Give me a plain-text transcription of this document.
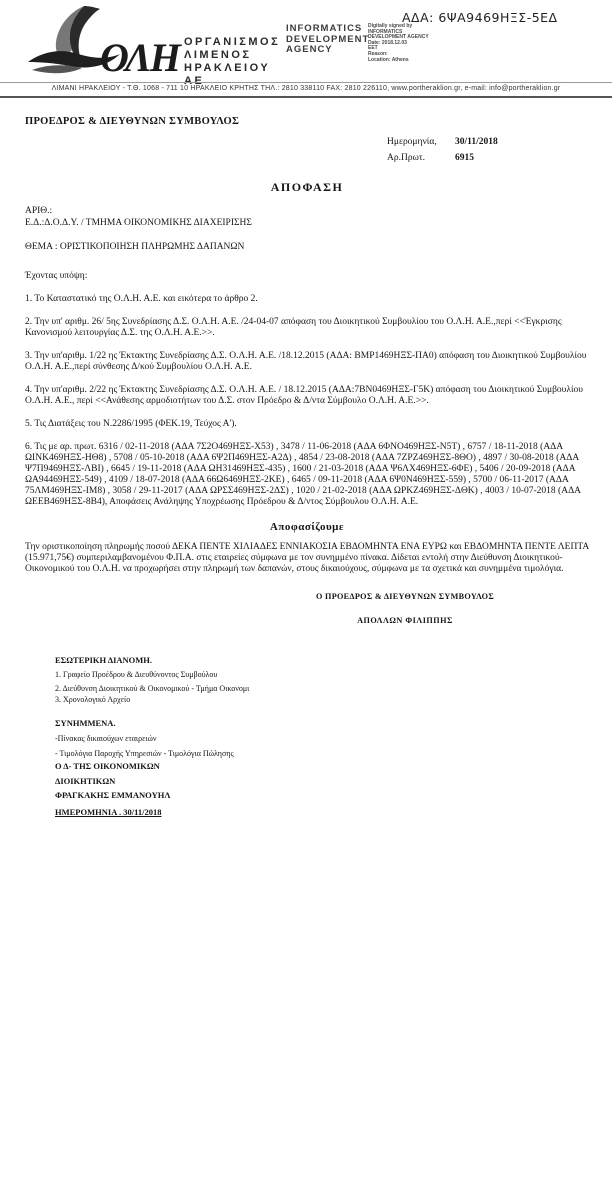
ΑΔΑ: 6ΨΑ9469ΗΞΣ-5ΕΔ
ΟΛΗ ΟΡΓΑΝΙΣΜΟΣ
ΛΙΜΕΝΟΣ
ΗΡΑΚΛΕΙΟΥ ΑΕ
INFORMATICS DEVELOPMENT AGENCY
Digitally signed by
INFORMATICS
DEVELOPMENT AGENCY
Date: 2018.12.03
EET
Reason:
Location: Athens
ΛΙΜΑΝΙ ΗΡΑΚΛΕΙΟΥ - Τ.Θ. 1068 - 711 10 ΗΡΑΚΛΕΙΟ ΚΡΗΤΗΣ ΤΗΛ.: 2810 338110 FAX: 2810 226110, www.portheraklion.gr, e-mail: info@portheraklion.gr
ΠΡΟΕΔΡΟΣ & ΔΙΕΥΘΥΝΩΝ ΣΥΜΒΟΥΛΟΣ
Ημερομηνία,	30/11/2018
Αρ.Πρωτ.	6915
ΑΠΟΦΑΣΗ
ΑΡΙΘ.:
Ε.Δ.:Δ.Ο.Δ.Υ. / ΤΜΗΜΑ ΟΙΚΟΝΟΜΙΚΗΣ ΔΙΑΧΕΙΡΙΣΗΣ
ΘΕΜΑ : ΟΡΙΣΤΙΚΟΠΟΙΗΣΗ ΠΛΗΡΩΜΗΣ ΔΑΠΑΝΩΝ
Έχοντας υπόψη:
1. Το Καταστατικό της Ο.Λ.Η. Α.Ε. και εικότερα το άρθρο 2.
2. Την υπ' αριθμ. 26/ 5ης Συνεδρίασης Δ.Σ. Ο.Λ.Η. Α.Ε. /24-04-07 απόφαση του Διοικητικού Συμβουλίου του Ο.Λ.Η. Α.Ε.,περί <<Έγκρισης Κανονισμού λειτουργίας Δ.Σ. της Ο.Λ.Η. Α.Ε.>>.
3. Την υπ'αριθμ. 1/22 ης Έκτακτης Συνεδρίασης Δ.Σ. Ο.Λ.Η. Α.Ε. /18.12.2015 (ΑΔΑ: ΒΜΡ1469ΗΞΣ-ΠΑ0) απόφαση του Διοικητικού Συμβουλίου Ο.Λ.Η. Α.Ε.,περί σύνθεσης Δ/κού Συμβουλίου Ο.Λ.Η. Α.Ε.
4. Την υπ'αριθμ. 2/22 ης Έκτακτης Συνεδρίασης Δ.Σ. Ο.Λ.Η. Α.Ε. / 18.12.2015 (ΑΔΑ:7ΒΝ0469ΗΞΣ-Γ5Κ) απόφαση του Διοικητικού Συμβουλίου Ο.Λ.Η. Α.Ε., περί <<Ανάθεσης αρμοδιοτήτων του Δ.Σ. στον Πρόεδρο & Δ/ντα Σύμβουλο Ο.Λ.Η. Α.Ε.>>.
5. Τις Διατάξεις του Ν.2286/1995 (ΦΕΚ.19, Τεύχος Α').
6. Τις με αρ. πρωτ. 6316 / 02-11-2018 (ΑΔΑ 7Σ2Ο469ΗΞΣ-Χ53) , 3478 / 11-06-2018 (ΑΔΑ 6ΦΝΟ469ΗΞΣ-Ν5Τ) , 6757 / 18-11-2018 (ΑΔΑ ΩΙΝΚ469ΗΞΣ-ΗΘ8) , 5708 / 05-10-2018 (ΑΔΑ 6Ψ2Π469ΗΞΣ-Α2Δ) , 4854 / 23-08-2018 (ΑΔΑ 7ΖΡΖ469ΗΞΣ-8ΘΟ) , 4897 / 30-08-2018 (ΑΔΑ Ψ7Π9469ΗΞΣ-ΛΒΙ) , 6645 / 19-11-2018 (ΑΔΑ ΩΗ31469ΗΞΣ-435) , 1600 / 21-03-2018 (ΑΔΑ Ψ6ΛΧ469ΗΞΣ-6ΦΕ) , 5406 / 20-09-2018 (ΑΔΑ ΩΑ94469ΗΞΣ-549) , 4109 / 18-07-2018 (ΑΔΑ 66Ω6469ΗΞΣ-2ΚΕ) , 6465 / 09-11-2018 (ΑΔΑ 6Ψ0Ν469ΗΞΣ-559) , 5700 / 06-11-2017 (ΑΔΑ 75ΛΜ469ΗΞΣ-ΙΜ8) , 3058 / 29-11-2017 (ΑΔΑ ΩΡΣΣ469ΗΞΣ-2ΔΣ) , 1020 / 21-02-2018 (ΑΔΑ ΩΡΚΖ469ΗΞΣ-ΔΘΚ) , 4003 / 10-07-2018 (ΑΔΑ ΩΕΕΒ469ΗΞΣ-8Β4), Αποφάσεις Ανάληψης Υποχρέωσης Πρόεδρου & Δ/ντος Σύμβουλου Ο.Λ.Η. Α.Ε.
Αποφασίζουμε
Την οριστικοποίηση πληρωμής ποσού ΔΕΚΑ ΠΕΝΤΕ ΧΙΛΙΑΔΕΣ ΕΝΝΙΑΚΟΣΙΑ ΕΒΔΟΜΗΝΤΑ ΕΝΑ ΕΥΡΩ και ΕΒΔΟΜΗΝΤΑ ΠΕΝΤΕ ΛΕΠΤΑ (15.971,75€) συμπεριλαμβανομένου Φ.Π.Α. στις εταιρείες σύμφωνα με τον συνημμένο πίνακα. Δίδεται εντολή στην Διεύθυνση Διοικητικού-Οικονομικού του Ο.Λ.Η. να προχωρήσει στην πληρωμή των δαπανών, στους δικαιούχους, σύμφωνα με τα σχετικά και συνημμένα τιμολόγια.
Ο ΠΡΟΕΔΡΟΣ & ΔΙΕΥΘΥΝΩΝ ΣΥΜΒΟΥΛΟΣ
ΑΠΟΛΛΩΝ ΦΙΛΙΠΠΗΣ
ΕΣΩΤΕΡΙΚΗ ΔΙΑΝΟΜΗ.
1. Γραφείο Προέδρου & Διευθύνοντος Συμβούλου
2. Διεύθυνση Διοικητικού & Οικονομικού - Τμήμα Οικονομι
3. Χρονολογικό Αρχείο
ΣΥΝΗΜΜΕΝΑ.
-Πίνακας δικαιούχων εταιρειών
- Τιμολόγια Παροχής Υπηρεσιών - Τιμολόγια Πώλησης
Ο Δ- ΤΗΣ ΟΙΚΟΝΟΜΙΚΩΝ
ΔΙΟΙΚΗΤΙΚΩΝ
ΦΡΑΓΚΑΚΗΣ ΕΜΜΑΝΟΥΗΛ
ΗΜΕΡΟΜΗΝΙΑ . 30/11/2018
